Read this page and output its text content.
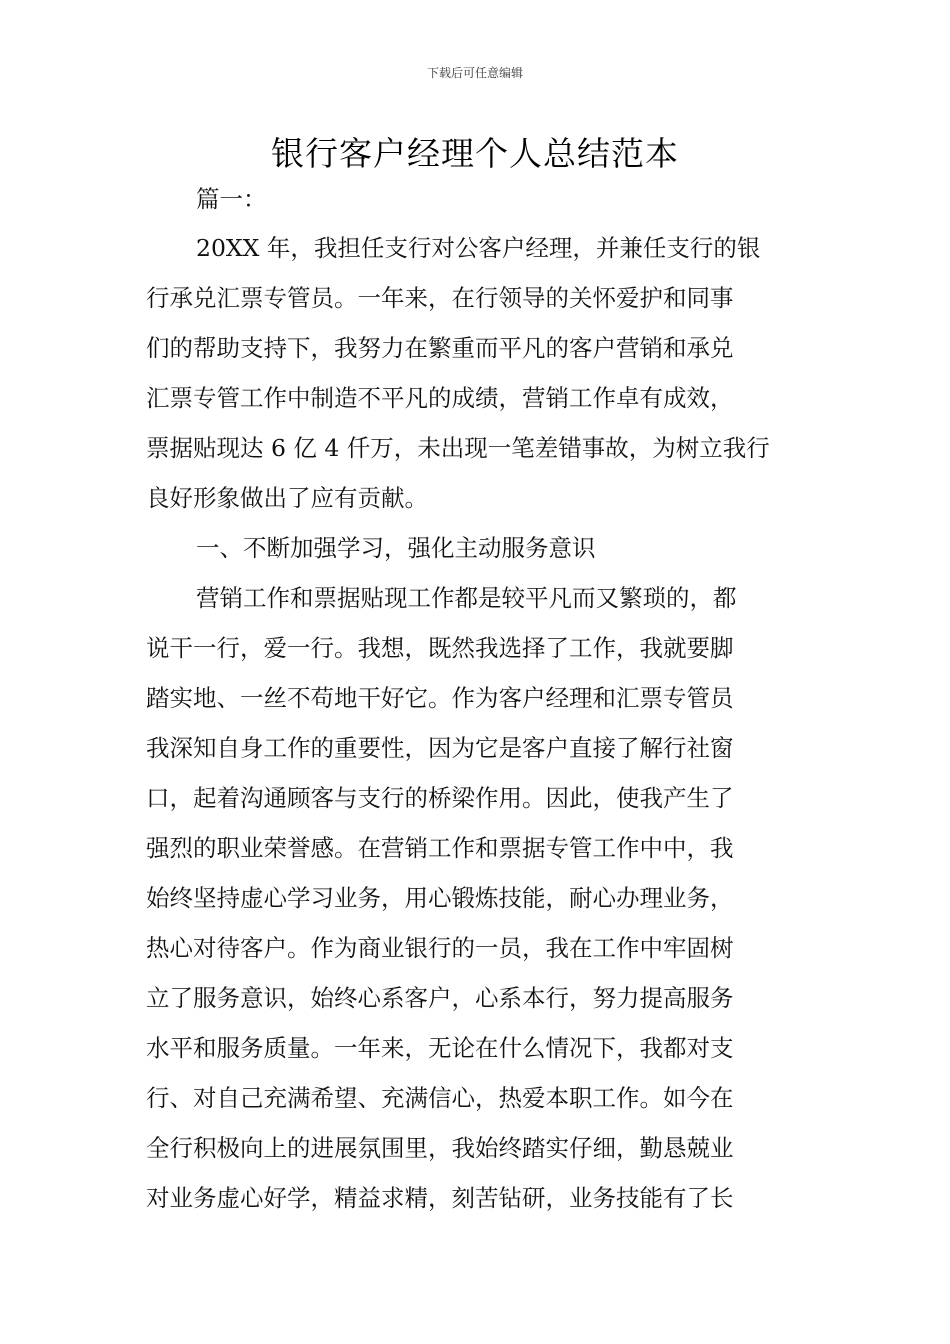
下载后可任意编辑
银行客户经理个人总结范本
篇一：
20XX 年，我担任支行对公客户经理，并兼任支行的银
行承兑汇票专管员。一年来，在行领导的关怀爱护和同事
们的帮助支持下，我努力在繁重而平凡的客户营销和承兑
汇票专管工作中制造不平凡的成绩，营销工作卓有成效，
票据贴现达 6 亿 4 仟万，未出现一笔差错事故，为树立我行
良好形象做出了应有贡献。
一、不断加强学习，强化主动服务意识
营销工作和票据贴现工作都是较平凡而又繁琐的，都
说干一行，爱一行。我想，既然我选择了工作，我就要脚
踏实地、一丝不苟地干好它。作为客户经理和汇票专管员
我深知自身工作的重要性，因为它是客户直接了解行社窗
口，起着沟通顾客与支行的桥梁作用。因此，使我产生了
强烈的职业荣誉感。在营销工作和票据专管工作中中，我
始终坚持虚心学习业务，用心锻炼技能，耐心办理业务，
热心对待客户。作为商业银行的一员，我在工作中牢固树
立了服务意识，始终心系客户，心系本行，努力提高服务
水平和服务质量。一年来，无论在什么情况下，我都对支
行、对自己充满希望、充满信心，热爱本职工作。如今在
全行积极向上的进展氛围里，我始终踏实仔细，勤恳兢业
对业务虚心好学，精益求精，刻苦钻研，业务技能有了长
